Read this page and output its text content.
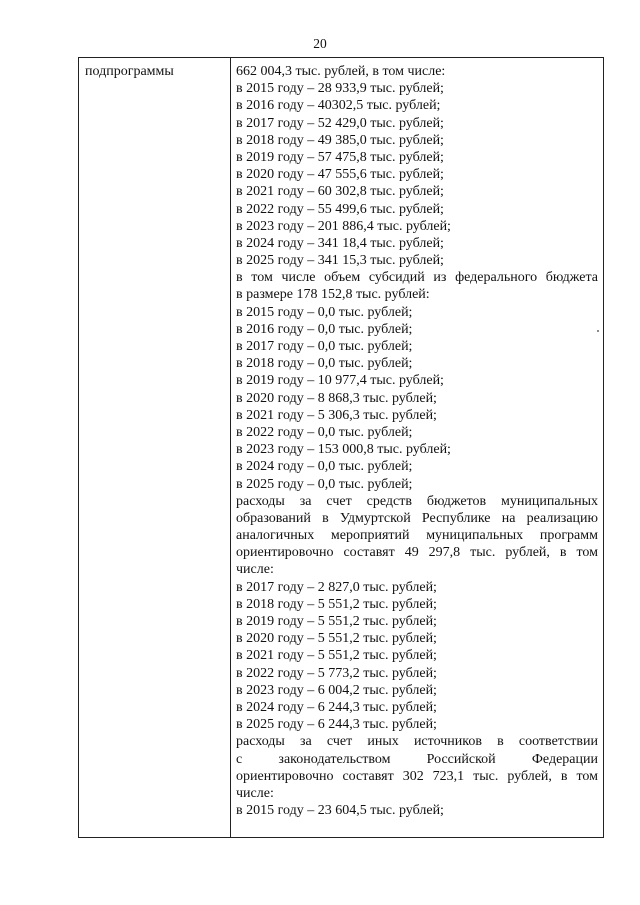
20
подпрограммы	662 004,3 тыс. рублей, в том числе:
в 2015 году – 28 933,9 тыс. рублей;
в 2016 году – 40302,5 тыс. рублей;
в 2017 году – 52 429,0 тыс. рублей;
в 2018 году – 49 385,0 тыс. рублей;
в 2019 году – 57 475,8 тыс. рублей;
в 2020 году – 47 555,6 тыс. рублей;
в 2021 году – 60 302,8 тыс. рублей;
в 2022 году – 55 499,6 тыс. рублей;
в 2023 году – 201 886,4 тыс. рублей;
в 2024 году – 341 18,4 тыс. рублей;
в 2025 году – 341 15,3 тыс. рублей;
в том числе объем субсидий из федерального бюджета
в размере 178 152,8 тыс. рублей:
в 2015 году – 0,0 тыс. рублей;
в 2016 году – 0,0 тыс. рублей;
в 2017 году – 0,0 тыс. рублей;
в 2018 году – 0,0 тыс. рублей;
в 2019 году – 10 977,4 тыс. рублей;
в 2020 году – 8 868,3 тыс. рублей;
в 2021 году – 5 306,3 тыс. рублей;
в 2022 году – 0,0 тыс. рублей;
в 2023 году – 153 000,8 тыс. рублей;
в 2024 году – 0,0 тыс. рублей;
в 2025 году – 0,0 тыс. рублей;
расходы за счет средств бюджетов муниципальных
образований в Удмуртской Республике на реализацию
аналогичных мероприятий муниципальных программ
ориентировочно составят 49 297,8 тыс. рублей, в том
числе:
в 2017 году – 2 827,0 тыс. рублей;
в 2018 году – 5 551,2 тыс. рублей;
в 2019 году – 5 551,2 тыс. рублей;
в 2020 году – 5 551,2 тыс. рублей;
в 2021 году – 5 551,2 тыс. рублей;
в 2022 году – 5 773,2 тыс. рублей;
в 2023 году – 6 004,2 тыс. рублей;
в 2024 году – 6 244,3 тыс. рублей;
в 2025 году – 6 244,3 тыс. рублей;
расходы за счет иных источников в соответствии
с законодательством Российской Федерации
ориентировочно составят 302 723,1 тыс. рублей, в том
числе:
в 2015 году – 23 604,5 тыс. рублей;
